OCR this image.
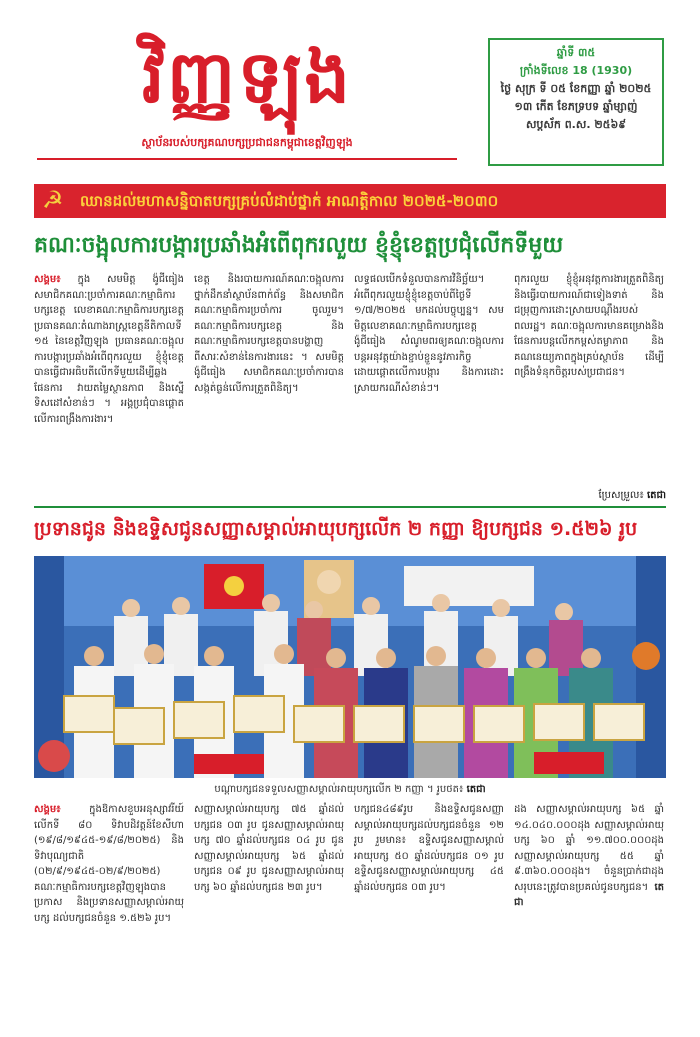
វិញ្ញឡុង
ស្ថាប័នរបស់បក្សគណបក្សប្រជាជនកម្ពុជាខេត្តវិញឡុង
ឆ្នាំទី ៣៥
ក្រាំងទីលេខ 18 (1930)
ថ្ងៃ សុក្រ ទី ០៥ ខែកញ្ញា ឆ្នាំ ២០២៥
១៣ កើត ខែភទ្របទ ឆ្នាំម្សាញ់
សប្តស័ក ព.ស. ២៥៦៩
☭ ឈានដល់មហាសន្និបាតបក្សគ្រប់លំដាប់ថ្នាក់ អាណត្តិកាល ២០២៥-២០៣០
គណៈចង្អុលការបង្ការប្រឆាំងអំពើពុករលួយ ខ្ញុំខ្ញុំខេត្តប្រជុំលើកទីមួយ
សង្គម៖ ក្នុង សមមិត្ត ង៉ូជីធៀង សមាជិកគណៈប្រចាំការគណៈកម្មាធិការបក្សខេត្ត លេខាគណៈកម្មាធិការបក្សខេត្ត ប្រធានគណៈតំណាងរាស្ត្រខេត្តនីតិកាលទី ១៥ នៃខេត្តវិញឡុង ប្រធានគណៈចង្អុលការបង្ការប្រឆាំងអំពើពុករលួយ ខ្ញុំខ្ញុំខេត្តបានធ្វើជាអធិបតីលើកទីមួយដើម្បីឆ្លងផែនការ វាយតម្លៃស្ថានភាព និងស្នើទិសដៅសំខាន់ៗ ។ អង្គប្រជុំបានផ្ដោតលើការពង្រឹងការងារ។
ខេត្ត និងរបាយការណ៍គណៈចង្អុលការ ថ្នាក់ដឹកនាំស្ថាប័នពាក់ព័ន្ធ និងសមាជិកគណៈកម្មាធិការប្រចាំការ ចូលរួម។ គណៈកម្មាធិការបក្សខេត្ត និងគណៈកម្មាធិការបក្សខេត្តបានបង្ហាញពីសារៈសំខាន់នៃការងារនេះ ។ សមមិត្ត ង៉ូជីធៀង សមាជិកគណៈប្រចាំការបានសង្កត់ធ្ងន់លើការត្រួតពិនិត្យ។
លទ្ធផលបើកទំនួលបានការវិនិច្ឆ័យ។ អំពើពុករលួយខ្ញុំខ្ញុំខេត្តចាប់ពីថ្ងៃទី ១/៧/២០២៥ មកដល់បច្ចុប្បន្ន។ សមមិត្តលេខាគណៈកម្មាធិការបក្សខេត្ត ង៉ូជីធៀង សំណូមពរឲ្យគណៈចង្អុលការបន្តអនុវត្តយ៉ាងខ្ជាប់ខ្ជួននូវភារកិច្ច ដោយផ្តោតលើការបង្ការ និងការដោះស្រាយករណីសំខាន់ៗ។
ពុករលួយ ខ្ញុំខ្ញុំអនុវត្តការងារត្រួតពិនិត្យ និងធ្វើរបាយការណ៍ជាទៀងទាត់ និងជម្រុញការដោះស្រាយបណ្តឹងរបស់ពលរដ្ឋ។ គណៈចង្អុលការមានគម្រោងនិងផែនការបន្តលើកកម្ពស់តម្លាភាព និងគណនេយ្យភាពក្នុងគ្រប់ស្ថាប័ន ដើម្បីពង្រឹងទំនុកចិត្តរបស់ប្រជាជន។
ប្រែសម្រួល៖ តេជា
ប្រទានជូន និងឧទ្ទិសជូនសញ្ញាសម្គាល់អាយុបក្សលើក ២ កញ្ញា ឱ្យបក្សជន ១.៥២៦ រូប
បណ្តាបក្សជនទទួលសញ្ញាសម្គាល់អាយុបក្សលើក ២ កញ្ញា ។ រូបថត៖ តេជា
សង្គម៖	ក្នុងឱកាសខួបអនុស្សាវរីយ៍លើកទី ៨០ ទិវាបដិវត្តន៍ខែសីហា (១៩/៨/១៩៤៥-១៩/៨/២០២៥) និងទិវាបុណ្យជាតិ (០២/៩/១៩៤៥-០២/៩/២០២៥) គណៈកម្មាធិការបក្សខេត្តវិញឡុងបានប្រកាស និងប្រទានសញ្ញាសម្គាល់អាយុបក្ស ដល់បក្សជនចំនួន ១.៥២៦ រូប។
សញ្ញាសម្គាល់អាយុបក្ស ៧៥ ឆ្នាំដល់បក្សជន ០៣ រូប ជូនសញ្ញាសម្គាល់អាយុបក្ស ៧០ ឆ្នាំដល់បក្សជន ០៤ រូប ជូនសញ្ញាសម្គាល់អាយុបក្ស ៦៥ ឆ្នាំដល់បក្សជន ០៩ រូប ជូនសញ្ញាសម្គាល់អាយុបក្ស ៦០ ឆ្នាំដល់បក្សជន ២៣ រូប។
បក្សជន៤៨៩រូប និងឧទ្ទិសជូនសញ្ញាសម្គាល់អាយុបក្សដល់បក្សជនចំនួន ១២ រូប រួមមាន៖ ឧទ្ទិសជូនសញ្ញាសម្គាល់អាយុបក្ស ៥០ ឆ្នាំដល់បក្សជន ០១ រូប ឧទ្ទិសជូនសញ្ញាសម្គាល់អាយុបក្ស ៤៥ ឆ្នាំដល់បក្សជន ០៣ រូប។
ដង សញ្ញាសម្គាល់អាយុបក្ស ៦៥ ឆ្នាំ ១៤.០៤០.០០០ដុង សញ្ញាសម្គាល់អាយុបក្ស ៦០ ឆ្នាំ ១១.៧០០.០០០ដុង សញ្ញាសម្គាល់អាយុបក្ស ៥៥ ឆ្នាំ ៩.៣៦០.០០០ដុង។ ចំនួនប្រាក់ជាដុងសរុបនេះត្រូវបានប្រគល់ជូនបក្សជន។ តេជា
